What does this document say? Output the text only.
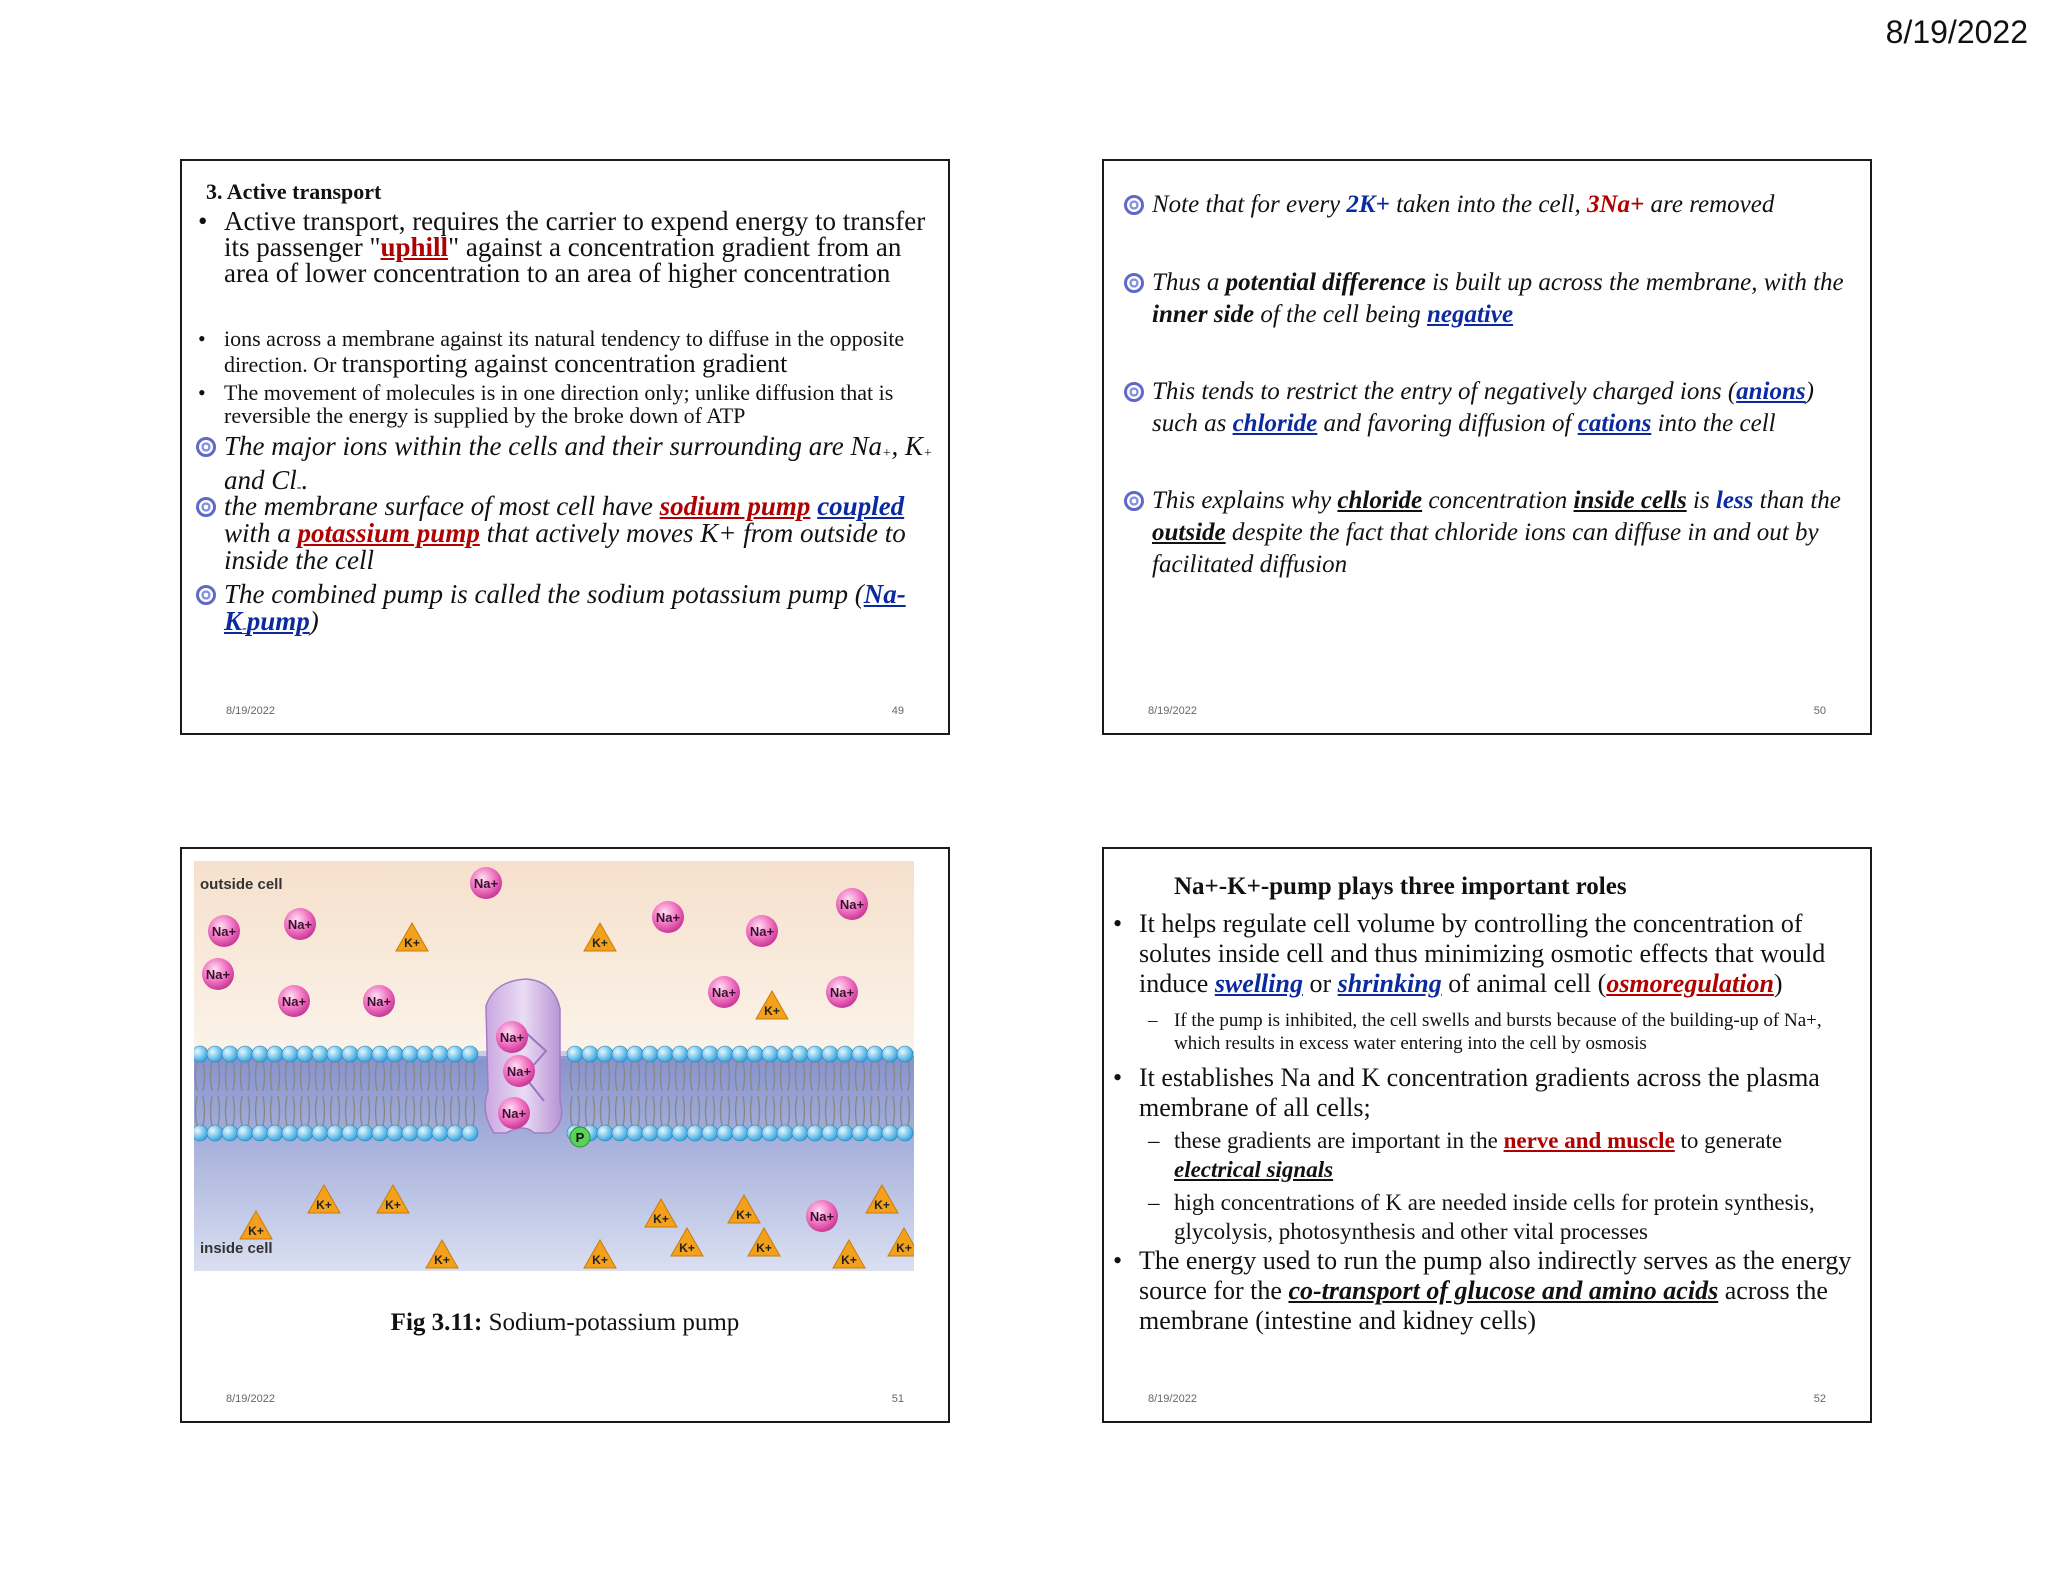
8/19/2022
3. Active transport
• Active transport, requires the carrier to expend energy to transfer its passenger "uphill" against a concentration gradient from an area of lower concentration to an area of higher concentration
• ions across a membrane against its natural tendency to diffuse in the opposite direction. Or transporting against concentration gradient
• The movement of molecules is in one direction only; unlike diffusion that is reversible the energy is supplied by the broke down of ATP
The major ions within the cells and their surrounding are Na+, K+ and Cl-.
the membrane surface of most cell have sodium pump coupled with a potassium pump that actively moves K+ from outside to inside the cell
The combined pump is called the sodium potassium pump (Na-
K-pump)
8/19/2022	49
Note that for every 2K+ taken into the cell, 3Na+ are removed
Thus a potential difference is built up across the membrane, with the inner side of the cell being negative
This tends to restrict the entry of negatively charged ions (anions) such as chloride and favoring diffusion of cations into the cell
This explains why chloride concentration inside cells is less than the outside despite the fact that chloride ions can diffuse in and out by facilitated diffusion
8/19/2022	50
Na+
Na+	Na+
Na+
Na+
Na+
Na+
Na+	Na+
Na+	Na+
Na+
Na+
Na+
Na+
K+	K+
K+
K+
K+	K+
K+	K+
K+
K+	K+
K+	K+
K+
K+
P
outside cell
inside cell
Fig 3.11: Sodium-potassium pump
8/19/2022	51
Na+-K+-pump plays three important roles
• It helps regulate cell volume by controlling the concentration of solutes inside cell and thus minimizing osmotic effects that would induce swelling or shrinking of animal cell (osmoregulation)
– If the pump is inhibited, the cell swells and bursts because of the building-up of Na+, which results in excess water entering into the cell by osmosis
• It establishes Na and K concentration gradients across the plasma membrane of all cells;
– these gradients are important in the nerve and muscle to generate electrical signals
– high concentrations of K are needed inside cells for protein synthesis, glycolysis, photosynthesis and other vital processes
• The energy used to run the pump also indirectly serves as the energy source for the co-transport of glucose and amino acids across the membrane (intestine and kidney cells)
8/19/2022	52
